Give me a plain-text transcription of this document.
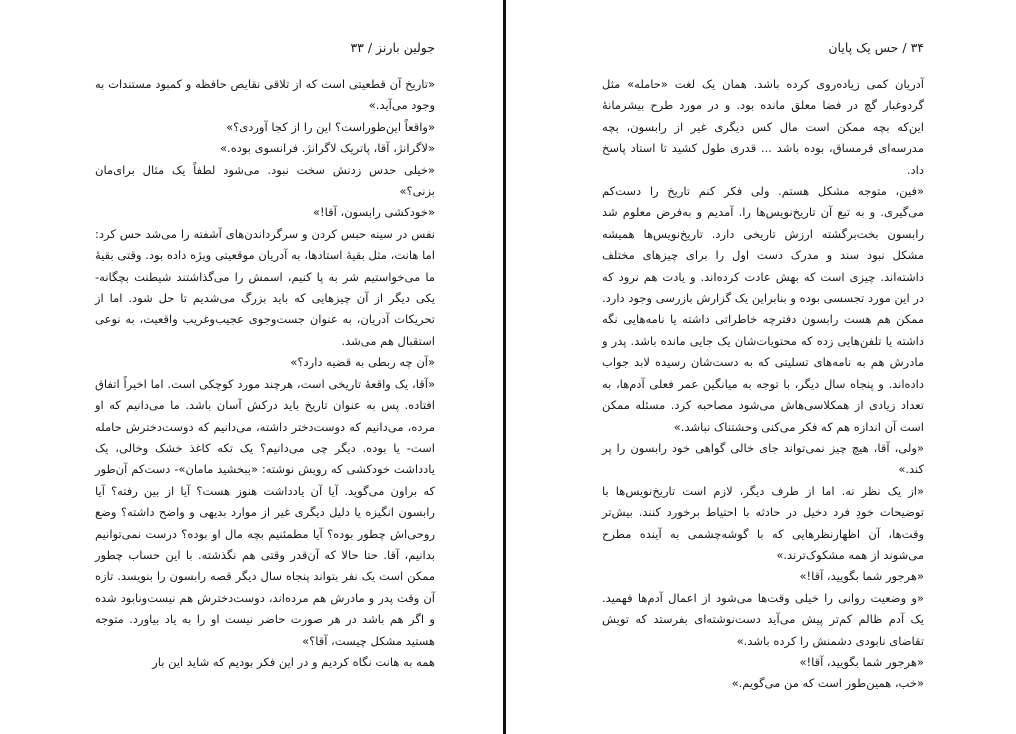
جولین بارنز / ۳۳

«تاریخ آن قطعیتی است که از تلاقی نقایص حافظه و کمبود مستندات به وجود می‌آید.»

«واقعاً این‌طوراست؟ این را از کجا آوردی؟»

«لاگرانژ، آقا، پاتریک لاگرانژ. فرانسوی بوده.»

«خیلی حدس زدنش سخت نبود. می‌شود لطفاً یک مثال برای‌مان بزنی؟»

«خودکشی رابسون، آقا!»

نفس در سینه حبس کردن و سرگرداندن‌های آشفته را می‌شد حس کرد: اما هانت، مثل بقیهٔ استادها، به آدریان موقعیتی ویژه داده بود. وقتی بقیهٔ ما می‌خواستیم شر به پا کنیم، اسمش را می‌گذاشتند شیطنت بچگانه- یکی دیگر از آن چیزهایی که باید بزرگ می‌شدیم تا حل شود. اما از تحریکات آدریان، به عنوان جست‌وجوی عجیب‌وغریب واقعیت، به نوعی استقبال هم می‌شد.

«آن چه ربطی به قضیه دارد؟»

«آقا، یک واقعهٔ تاریخی است، هرچند مورد کوچکی است. اما اخیراً اتفاق افتاده. پس به عنوان تاریخ باید درکش آسان باشد. ما می‌دانیم که او مرده، می‌دانیم که دوست‌دختر داشته، می‌دانیم که دوست‌دخترش حامله است- یا بوده. دیگر چی می‌دانیم؟ یک تکه کاغذ خشک وخالی، یک یادداشت خودکشی که رویش نوشته: «ببخشید مامان»- دست‌کم آن‌طور که براون می‌گوید. آیا آن یادداشت هنوز هست؟ آیا از بین رفته؟ آیا رابسون انگیزه یا دلیل دیگری غیر از موارد بدیهی و واضح داشته؟ وضع روحی‌اش چطور بوده؟ آیا مطمئنیم بچه مال او بوده؟ درست نمی‌توانیم بدانیم، آقا. حتا حالا که آن‌قدر وقتی هم نگذشته. با این حساب چطور ممکن است یک نفر بتواند پنجاه سال دیگر قصه رابسون را بنویسد. تازه آن وقت پدر و مادرش هم مرده‌اند، دوست‌دخترش هم نیست‌ونابود شده و اگر هم باشد در هر صورت حاضر نیست او را به یاد بیاورد. متوجه هستید مشکل چیست، آقا؟»

همه به هانت نگاه کردیم و در این فکر بودیم که شاید این بار

۳۴ / حس یک پایان

آدریان کمی زیاده‌روی کرده باشد. همان یک لغت «حامله» مثل گردوغبار گچ در فضا معلق مانده بود. و در مورد طرح بیشرمانهٔ این‌که بچه ممکن است مال کس دیگری غیر از رابسون، بچه مدرسه‌ای قرمساق، بوده باشد ... قدری طول کشید تا استاد پاسخ داد.

«فین، متوجه مشکل هستم. ولی فکر کنم تاریخ را دست‌کم می‌گیری. و به تبع آن تاریخ‌نویس‌ها را. آمدیم و به‌فرض معلوم شد رابسون بخت‌برگشته ارزش تاریخی دارد. تاریخ‌نویس‌ها همیشه مشکل نبود سند و مدرک دست اول را برای چیزهای مختلف داشته‌اند. چیزی است که بهش عادت کرده‌اند. و یادت هم نرود که در این مورد تجسسی بوده و بنابراین یک گزارش بازرسی وجود دارد. ممکن هم هست رابسون دفترچه خاطراتی داشته یا نامه‌هایی نگه داشته یا تلفن‌هایی زده که محتویات‌شان یک جایی مانده باشد. پدر و مادرش هم به نامه‌های تسلیتی که به دست‌شان رسیده لابد جواب داده‌اند. و پنجاه سال دیگر، با توجه به میانگین عمر فعلی آدم‌ها، به تعداد زیادی از همکلاسی‌هاش می‌شود مصاحبه کرد. مسئله ممکن است آن اندازه هم که فکر می‌کنی وحشتناک نباشد.»

«ولی، آقا، هیچ چیز نمی‌تواند جای خالی گواهی خود رابسون را پر کند.»

«از یک نظر نه. اما از طرف دیگر، لازم است تاریخ‌نویس‌ها با توضیحات خودِ فرد دخیل در حادثه با احتیاط برخورد کنند. بیش‌تر وقت‌ها، آن اظهارنظرهایی که با گوشه‌چشمی به آینده مطرح می‌شوند از همه مشکوک‌ترند.»

«هرجور شما بگویید، آقا!»

«و وضعیت روانی را خیلی وقت‌ها می‌شود از اعمال آدم‌ها فهمید. یک آدم ظالم کم‌تر پیش می‌آید دست‌نوشته‌ای بفرستد که تویش تقاضای نابودی دشمنش را کرده باشد.»

«هرجور شما بگویید، آقا!»

«خب، همین‌طور است که من می‌گویم.»
